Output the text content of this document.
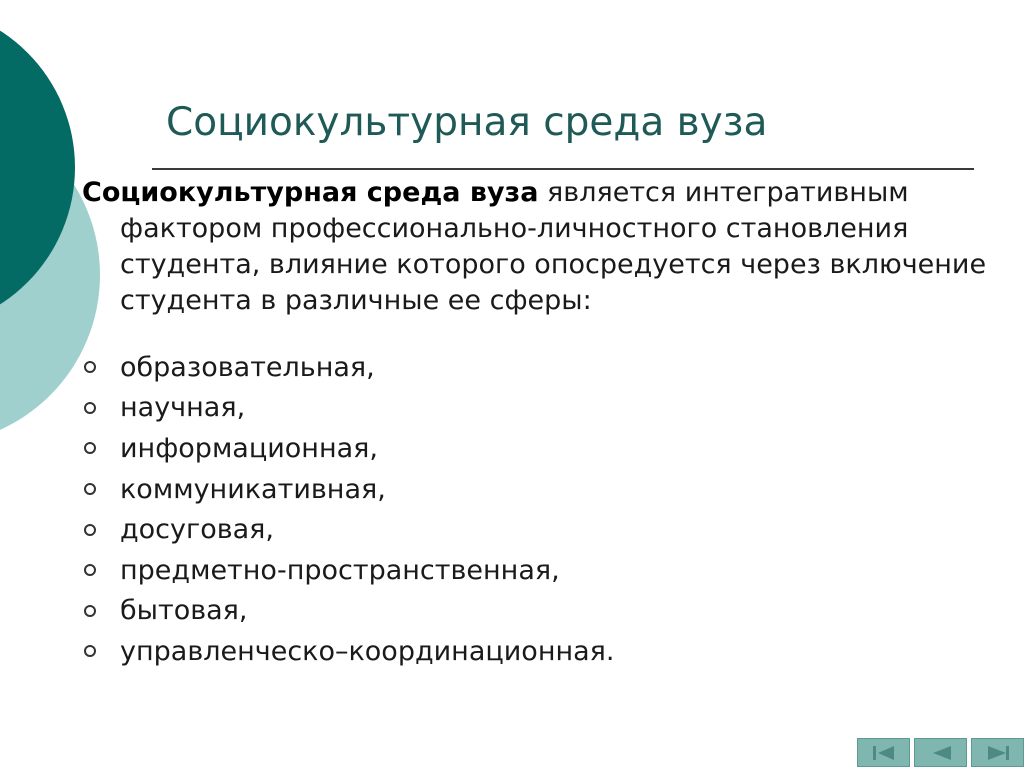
Социокультурная среда вуза

Социокультурная среда вуза является интегративным фактором профессионально-личностного становления студента, влияние которого опосредуется через включение студента в различные ее сферы:

образовательная,
научная,
информационная,
коммуникативная,
досуговая,
предметно-пространственная,
бытовая,
управленческо–координационная.
